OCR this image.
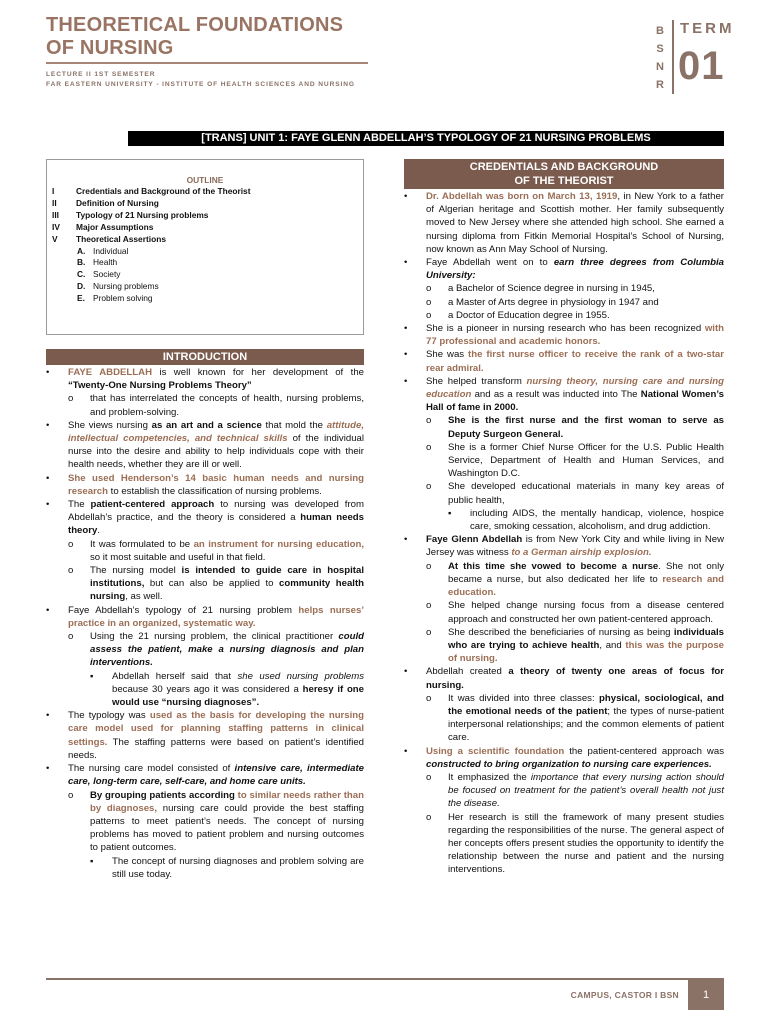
THEORETICAL FOUNDATIONS
OF NURSING
LECTURE II 1ST SEMESTER
FAR EASTERN UNIVERSITY - INSTITUTE OF HEALTH SCIENCES AND NURSING
B
S
N
R
TERM
01
[TRANS] UNIT 1: FAYE GLENN ABDELLAH’S TYPOLOGY OF 21 NURSING PROBLEMS
OUTLINE
I	Credentials and Background of the Theorist
II	Definition of Nursing
III	Typology of 21 Nursing problems
IV	Major Assumptions
V	Theoretical Assertions
A. Individual
B. Health
C. Society
D. Nursing problems
E. Problem solving
INTRODUCTION
•	FAYE ABDELLAH is well known for her development of the “Twenty-One Nursing Problems Theory”
o	that has interrelated the concepts of health, nursing problems, and problem-solving.
•	She views nursing as an art and a science that mold the attitude, intellectual competencies, and technical skills of the individual nurse into the desire and ability to help individuals cope with their health needs, whether they are ill or well.
•	She used Henderson’s 14 basic human needs and nursing research to establish the classification of nursing problems.
•	The patient-centered approach to nursing was developed from Abdellah’s practice, and the theory is considered a human needs theory.
o	It was formulated to be an instrument for nursing education, so it most suitable and useful in that field.
o	The nursing model is intended to guide care in hospital institutions, but can also be applied to community health nursing, as well.
•	Faye Abdellah’s typology of 21 nursing problem helps nurses’ practice in an organized, systematic way.
o	Using the 21 nursing problem, the clinical practitioner could assess the patient, make a nursing diagnosis and plan interventions.
▪	Abdellah herself said that she used nursing problems because 30 years ago it was considered a heresy if one would use “nursing diagnoses”.
•	The typology was used as the basis for developing the nursing care model used for planning staffing patterns in clinical settings. The staffing patterns were based on patient’s identified needs.
•	The nursing care model consisted of intensive care, intermediate care, long-term care, self-care, and home care units.
o	By grouping patients according to similar needs rather than by diagnoses, nursing care could provide the best staffing patterns to meet patient’s needs. The concept of nursing problems has moved to patient problem and nursing outcomes to patient outcomes.
▪	The concept of nursing diagnoses and problem solving are still use today.
CREDENTIALS AND BACKGROUND
OF THE THEORIST
•	Dr. Abdellah was born on March 13, 1919, in New York to a father of Algerian heritage and Scottish mother. Her family subsequently moved to New Jersey where she attended high school. She earned a nursing diploma from Fitkin Memorial Hospital’s School of Nursing, now known as Ann May School of Nursing.
•	Faye Abdellah went on to earn three degrees from Columbia University:
o	a Bachelor of Science degree in nursing in 1945,
o	a Master of Arts degree in physiology in 1947 and
o	a Doctor of Education degree in 1955.
•	She is a pioneer in nursing research who has been recognized with 77 professional and academic honors.
•	She was the first nurse officer to receive the rank of a two-star rear admiral.
•	She helped transform nursing theory, nursing care and nursing education and as a result was inducted into The National Women’s Hall of fame in 2000.
o	She is the first nurse and the first woman to serve as Deputy Surgeon General.
o	She is a former Chief Nurse Officer for the U.S. Public Health Service, Department of Health and Human Services, and Washington D.C.
o	She developed educational materials in many key areas of public health,
▪	including AIDS, the mentally handicap, violence, hospice care, smoking cessation, alcoholism, and drug addiction.
•	Faye Glenn Abdellah is from New York City and while living in New Jersey was witness to a German airship explosion.
o	At this time she vowed to become a nurse. She not only became a nurse, but also dedicated her life to research and education.
o	She helped change nursing focus from a disease centered approach and constructed her own patient-centered approach.
o	She described the beneficiaries of nursing as being individuals who are trying to achieve health, and this was the purpose of nursing.
•	Abdellah created a theory of twenty one areas of focus for nursing.
o	It was divided into three classes: physical, sociological, and the emotional needs of the patient; the types of nurse-patient interpersonal relationships; and the common elements of patient care.
•	Using a scientific foundation the patient-centered approach was constructed to bring organization to nursing care experiences.
o	It emphasized the importance that every nursing action should be focused on treatment for the patient’s overall health not just the disease.
o	Her research is still the framework of many present studies regarding the responsibilities of the nurse. The general aspect of her concepts offers present studies the opportunity to identify the relationship between the nurse and patient and the nursing interventions.
CAMPUS, CASTOR I BSN	1
